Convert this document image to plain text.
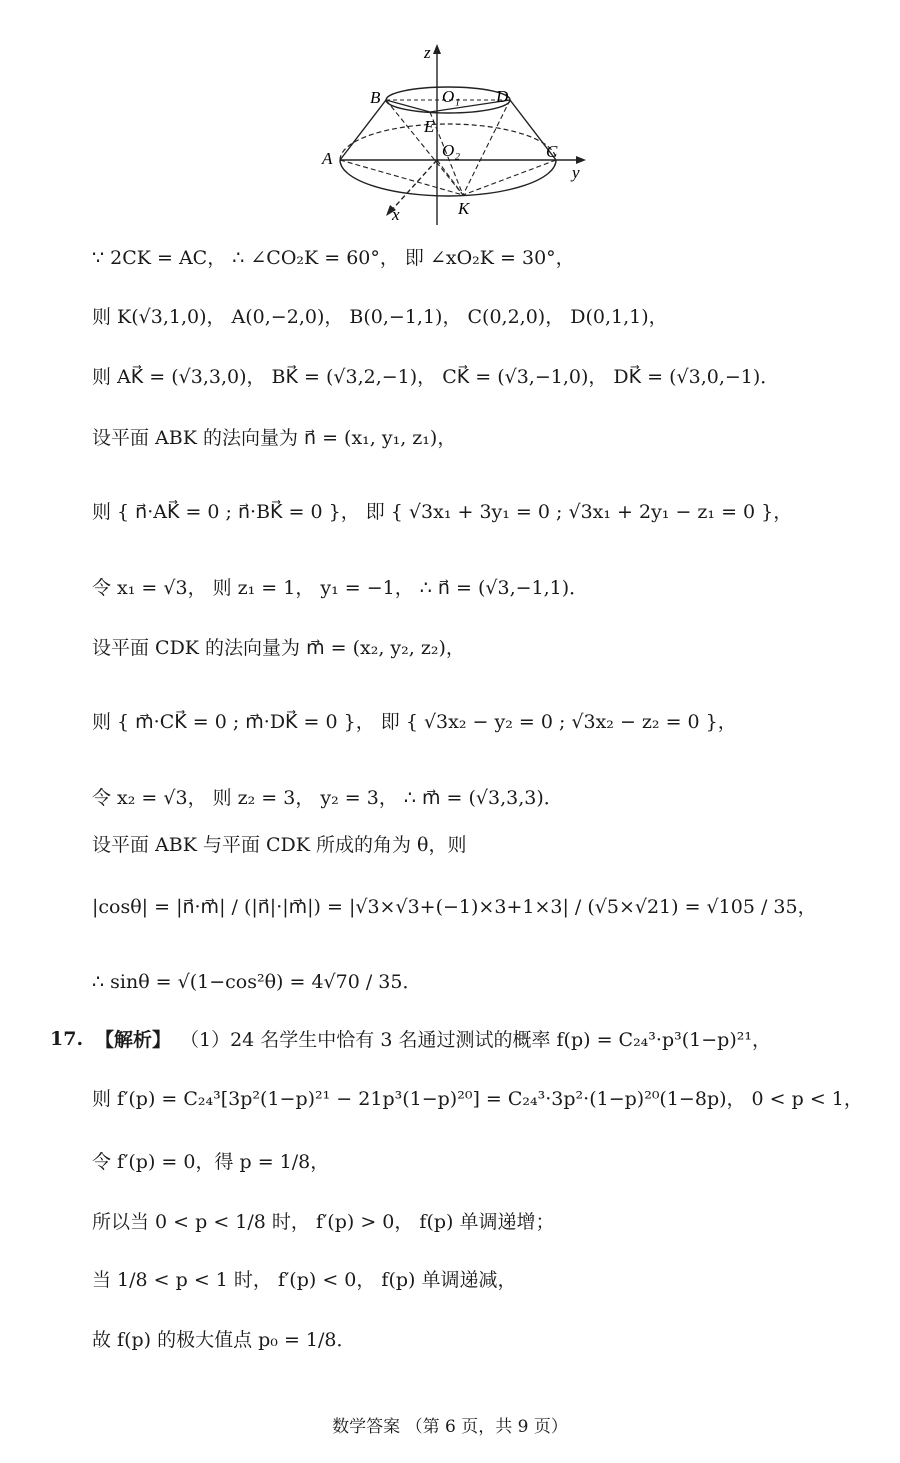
z
O₁
B	D
E
O₂
A	C
y
K
x
∵ 2CK = AC， ∴ ∠CO₂K = 60°， 即 ∠xO₂K = 30°，
则 K(√3,1,0)， A(0,−2,0)， B(0,−1,1)， C(0,2,0)， D(0,1,1)，
则 AK⃗ = (√3,3,0)， BK⃗ = (√3,2,−1)， CK⃗ = (√3,−1,0)， DK⃗ = (√3,0,−1)．
设平面 ABK 的法向量为 n⃗ = (x₁, y₁, z₁)，
则 { n⃗·AK⃗ = 0 ; n⃗·BK⃗ = 0 }， 即 { √3x₁ + 3y₁ = 0 ; √3x₁ + 2y₁ − z₁ = 0 }，
令 x₁ = √3， 则 z₁ = 1， y₁ = −1， ∴ n⃗ = (√3,−1,1)．
设平面 CDK 的法向量为 m⃗ = (x₂, y₂, z₂)，
则 { m⃗·CK⃗ = 0 ; m⃗·DK⃗ = 0 }， 即 { √3x₂ − y₂ = 0 ; √3x₂ − z₂ = 0 }，
令 x₂ = √3， 则 z₂ = 3， y₂ = 3， ∴ m⃗ = (√3,3,3)．
设平面 ABK 与平面 CDK 所成的角为 θ，则
|cosθ| = |n⃗·m⃗| / (|n⃗|·|m⃗|) = |√3×√3+(−1)×3+1×3| / (√5×√21) = √105 / 35，
∴ sinθ = √(1−cos²θ) = 4√70 / 35．
17. 【解析】 （1）24 名学生中恰有 3 名通过测试的概率 f(p) = C₂₄³·p³(1−p)²¹，
则 f′(p) = C₂₄³[3p²(1−p)²¹ − 21p³(1−p)²⁰] = C₂₄³·3p²·(1−p)²⁰(1−8p)， 0 < p < 1，
令 f′(p) = 0，得 p = 1/8，
所以当 0 < p < 1/8 时， f′(p) > 0， f(p) 单调递增；
当 1/8 < p < 1 时， f′(p) < 0， f(p) 单调递减，
故 f(p) 的极大值点 p₀ = 1/8．
数学答案 （第 6 页，共 9 页）
